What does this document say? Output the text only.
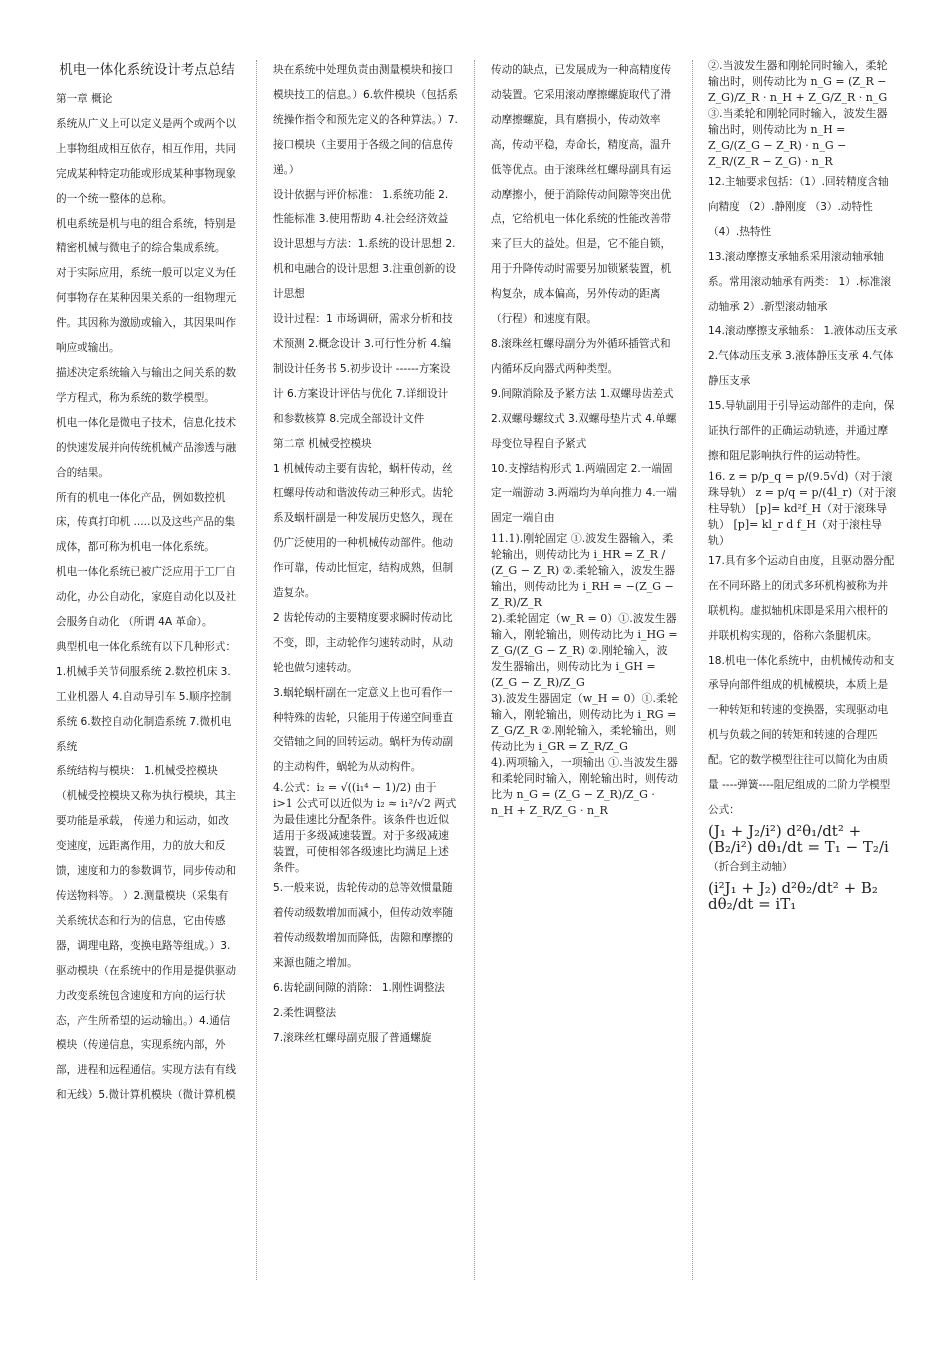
机电一体化系统设计考点总结

第一章 概论

系统从广义上可以定义是两个或两个以上事物组成相互依存，相互作用，共同完成某种特定功能或形成某种事物现象的一个统一整体的总称。

机电系统是机与电的组合系统，特别是精密机械与微电子的综合集成系统。

对于实际应用，系统一般可以定义为任何事物存在某种因果关系的一组物理元件。其因称为激励或输入，其因果叫作响应或输出。

描述决定系统输入与输出之间关系的数学方程式，称为系统的数学模型。

机电一体化是微电子技术，信息化技术的快速发展并向传统机械产品渗透与融合的结果。

所有的机电一体化产品，例如数控机床，传真打印机 .....以及这些产品的集成体，都可称为机电一体化系统。

机电一体化系统已被广泛应用于工厂自动化，办公自动化，家庭自动化以及社会服务自动化 （所谓 4A 革命）。

典型机电一体化系统有以下几种形式：1.机械手关节伺服系统 2.数控机床 3.工业机器人 4.自动导引车 5.顺序控制系统 6.数控自动化制造系统 7.微机电系统

系统结构与模块： 1.机械受控模块（机械受控模块又称为执行模块，其主要功能是承载， 传递力和运动，如改变速度，远距离作用，力的放大和反馈，速度和力的参数调节，同步传动和传送物料等。 ）2.测量模块（采集有关系统状态和行为的信息，它由传感器，调理电路，变换电路等组成。）3.驱动模块（在系统中的作用是提供驱动力改变系统包含速度和方向的运行状态，产生所希望的运动输出。）4.通信模块（传递信息，实现系统内部，外部，进程和远程通信。实现方法有有线和无线）5.微计算机模块（微计算机模

块在系统中处理负责由测量模块和接口模块技工的信息。）6.软件模块（包括系统操作指令和预先定义的各种算法。）7.接口模块（主要用于各级之间的信息传递。）

设计依据与评价标准： 1.系统功能 2.性能标准 3.使用帮助 4.社会经济效益

设计思想与方法：1.系统的设计思想 2.机和电融合的设计思想 3.注重创新的设计思想

设计过程：1 市场调研，需求分析和技术预测 2.概念设计 3.可行性分析 4.编制设计任务书 5.初步设计 ------方案设计 6.方案设计评估与优化 7.详细设计和参数核算 8.完成全部设计文件

第二章 机械受控模块

1 机械传动主要有齿轮，蜗杆传动，丝杠螺母传动和谐波传动三种形式。齿轮系及蜗杆副是一种发展历史悠久，现在仍广泛使用的一种机械传动部件。他动作可靠，传动比恒定，结构成熟，但制造复杂。

2 齿轮传动的主要精度要求瞬时传动比不变，即，主动轮作匀速转动时，从动轮也做匀速转动。

3.蜗轮蜗杆副在一定意义上也可看作一种特殊的齿轮，只能用于传递空间垂直交错轴之间的回转运动。蜗杆为传动副的主动构件，蜗轮为从动构件。

4.公式：i₂ = √((i₁⁴ − 1)/2) 由于 i>1 公式可以近似为 i₂ ≈ i₁²/√2 两式为最佳速比分配条件。该条件也近似适用于多级减速装置。对于多级减速装置，可使相邻各级速比均满足上述条件。

5.一般来说，齿轮传动的总等效惯量随着传动级数增加而减小，但传动效率随着传动级数增加而降低，齿隙和摩擦的来源也随之增加。

6.齿轮副间隙的消除： 1.刚性调整法 2.柔性调整法

7.滚珠丝杠螺母副克服了普通螺旋

传动的缺点，已发展成为一种高精度传动装置。它采用滚动摩擦螺旋取代了滑动摩擦螺旋，具有磨损小，传动效率高，传动平稳，寿命长，精度高，温升低等优点。由于滚珠丝杠螺母副具有运动摩擦小，便于消除传动间隙等突出优点，它给机电一体化系统的性能改善带来了巨大的益处。但是，它不能自锁，用于升降传动时需要另加锁紧装置，机构复杂，成本偏高，另外传动的距离（行程）和速度有限。

8.滚珠丝杠螺母副分为外循环插管式和内循环反向器式两种类型。

9.间隙消除及予紧方法 1.双螺母齿差式 2.双螺母螺纹式 3.双螺母垫片式 4.单螺母变位导程自予紧式

10.支撑结构形式 1.两端固定 2.一端固定一端游动 3.两端均为单向推力 4.一端固定一端自由

11.1).刚轮固定 ①.波发生器输入，柔轮输出，则传动比为 i_HR = Z_R / (Z_G − Z_R) ②.柔轮输入，波发生器输出，则传动比为 i_RH = −(Z_G − Z_R)/Z_R

2).柔轮固定（w_R = 0）①.波发生器输入，刚轮输出，则传动比为 i_HG = Z_G/(Z_G − Z_R) ②.刚轮输入，波发生器输出，则传动比为 i_GH = (Z_G − Z_R)/Z_G

3).波发生器固定（w_H = 0）①.柔轮输入，刚轮输出，则传动比为 i_RG = Z_G/Z_R ②.刚轮输入，柔轮输出，则传动比为 i_GR = Z_R/Z_G

4).两项输入，一项输出 ①.当波发生器和柔轮同时输入，刚轮输出时，则传动比为 n_G = (Z_G − Z_R)/Z_G · n_H + Z_R/Z_G · n_R

②.当波发生器和刚轮同时输入，柔轮输出时，则传动比为 n_G = (Z_R − Z_G)/Z_R · n_H + Z_G/Z_R · n_G

③.当柔轮和刚轮同时输入，波发生器输出时，则传动比为 n_H = Z_G/(Z_G − Z_R) · n_G − Z_R/(Z_R − Z_G) · n_R

12.主轴要求包括：（1）.回转精度含轴向精度 （2）.静刚度 （3）.动特性 （4）.热特性

13.滚动摩擦支承轴系采用滚动轴承轴系。常用滚动轴承有两类： 1）.标准滚动轴承 2）.新型滚动轴承

14.滚动摩擦支承轴系： 1.液体动压支承 2.气体动压支承 3.液体静压支承 4.气体静压支承

15.导轨副用于引导运动部件的走向，保证执行部件的正确运动轨迹，并通过摩擦和阻尼影响执行件的运动特性。

16. z = p/p_q = p/(9.5√d)（对于滚珠导轨） z = p/q = p/(4l_r)（对于滚柱导轨） [p]= kd²f_H（对于滚珠导轨） [p]= kl_r d f_H（对于滚柱导轨）

17.具有多个运动自由度，且驱动器分配在不同环路上的闭式多环机构被称为并联机构。虚拟轴机床即是采用六根杆的并联机构实现的，俗称六条腿机床。

18.机电一体化系统中，由机械传动和支承导向部件组成的机械模块，本质上是一种转矩和转速的变换器，实现驱动电机与负载之间的转矩和转速的合理匹配。它的数学模型往往可以简化为由质量 ----弹簧----阻尼组成的二阶力学模型 公式：

(J₁ + J₂/i²) d²θ₁/dt² + (B₂/i²) dθ₁/dt = T₁ − T₂/i

（折合到主动轴）

(i²J₁ + J₂) d²θ₂/dt² + B₂ dθ₂/dt = iT₁
